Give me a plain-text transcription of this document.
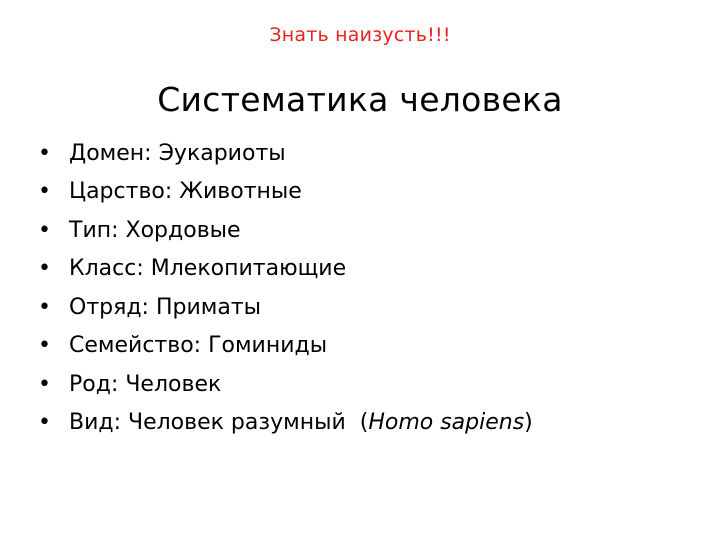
Знать наизусть!!!
Систематика человека
• Домен: Эукариоты
• Царство: Животные
• Тип: Хордовые
• Класс: Млекопитающие
• Отряд: Приматы
• Семейство: Гоминиды
• Род: Человек
• Вид: Человек разумный  ( Homo sapiens )
